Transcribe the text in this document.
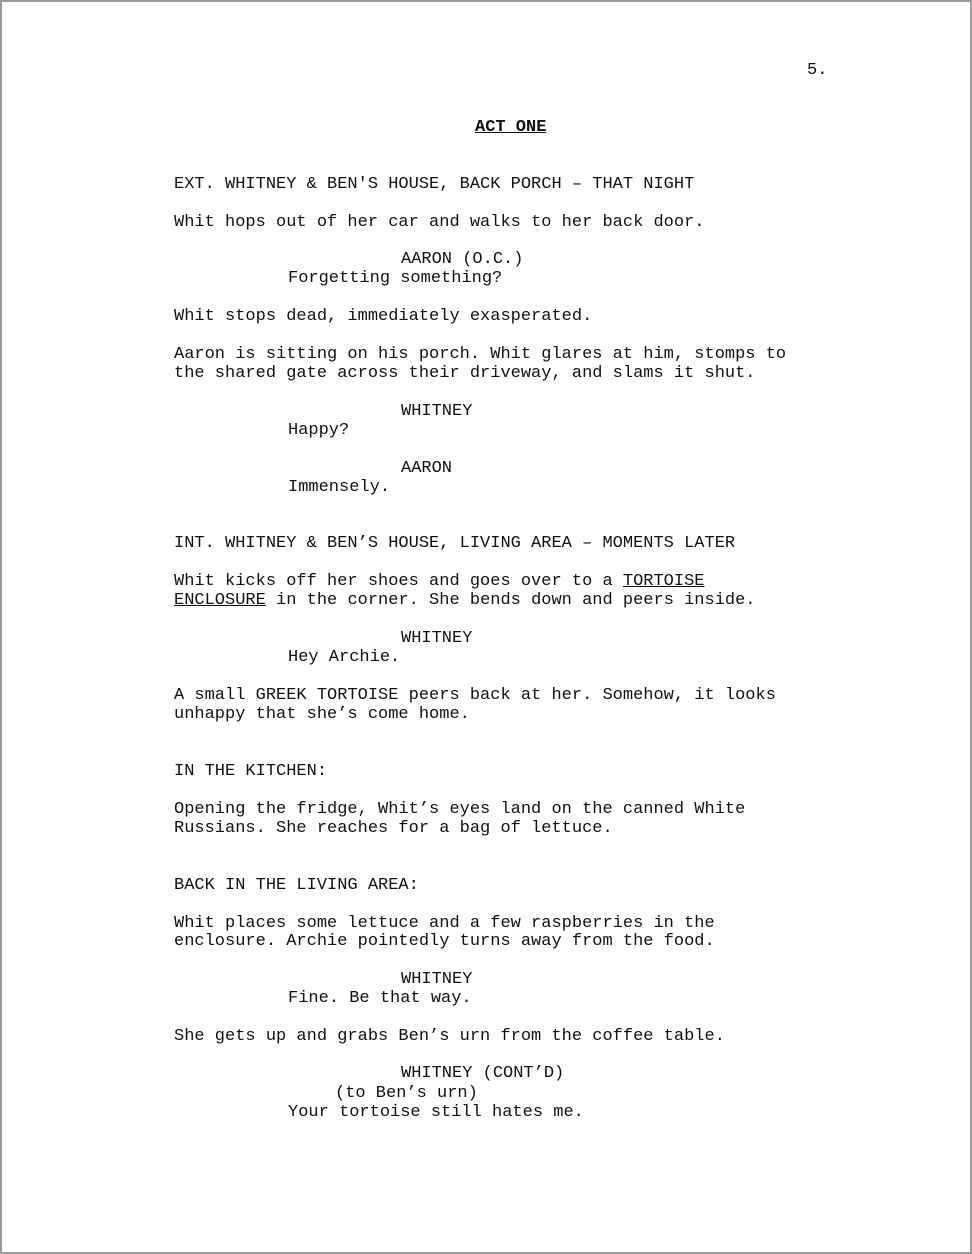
5.
ACT ONE
EXT. WHITNEY & BEN'S HOUSE, BACK PORCH – THAT NIGHT
Whit hops out of her car and walks to her back door.
AARON (O.C.)
Forgetting something?
Whit stops dead, immediately exasperated.
Aaron is sitting on his porch. Whit glares at him, stomps to
the shared gate across their driveway, and slams it shut.
WHITNEY
Happy?
AARON
Immensely.
INT. WHITNEY & BEN’S HOUSE, LIVING AREA – MOMENTS LATER
Whit kicks off her shoes and goes over to a TORTOISE
ENCLOSURE in the corner. She bends down and peers inside.
WHITNEY
Hey Archie.
A small GREEK TORTOISE peers back at her. Somehow, it looks
unhappy that she’s come home.
IN THE KITCHEN:
Opening the fridge, Whit’s eyes land on the canned White
Russians. She reaches for a bag of lettuce.
BACK IN THE LIVING AREA:
Whit places some lettuce and a few raspberries in the
enclosure. Archie pointedly turns away from the food.
WHITNEY
Fine. Be that way.
She gets up and grabs Ben’s urn from the coffee table.
WHITNEY (CONT’D)
(to Ben’s urn)
Your tortoise still hates me.
